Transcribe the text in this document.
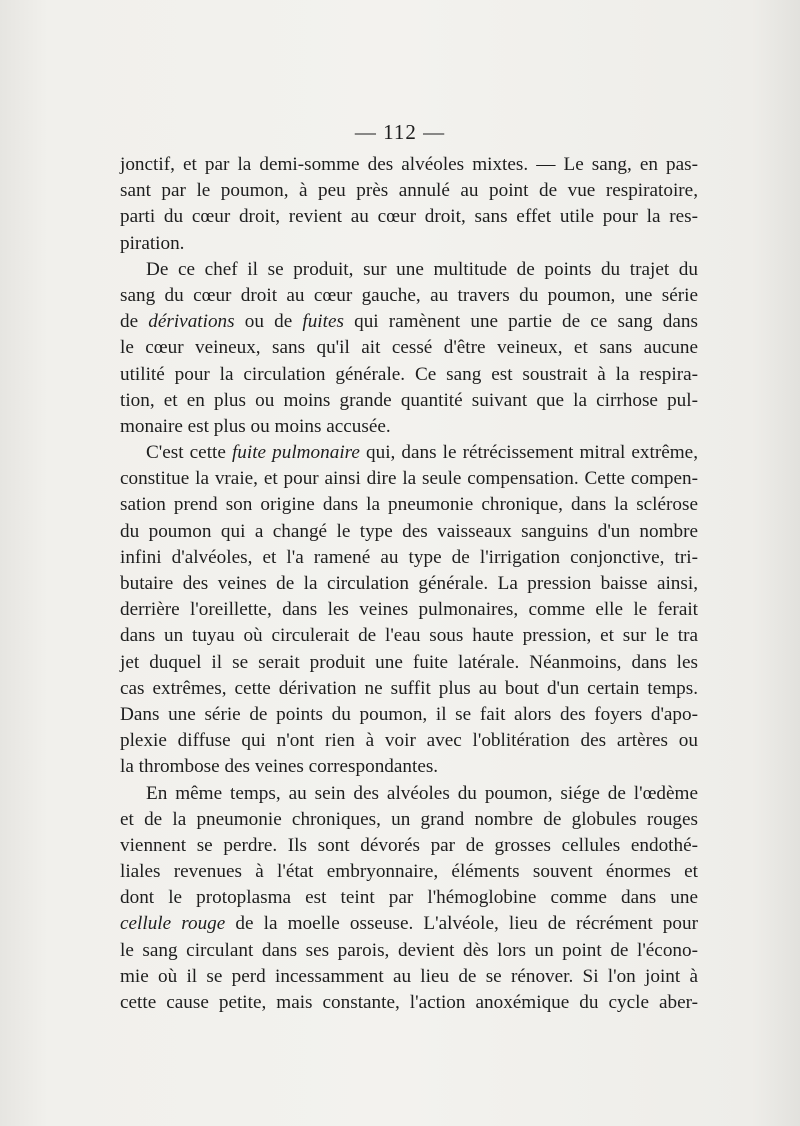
— 112 —
jonctif, et par la demi-somme des alvéoles mixtes. — Le sang, en pas-
sant par le poumon, à peu près annulé au point de vue respiratoire,
parti du cœur droit, revient au cœur droit, sans effet utile pour la res-
piration.
De ce chef il se produit, sur une multitude de points du trajet du
sang du cœur droit au cœur gauche, au travers du poumon, une série
de dérivations ou de fuites qui ramènent une partie de ce sang dans
le cœur veineux, sans qu'il ait cessé d'être veineux, et sans aucune
utilité pour la circulation générale. Ce sang est soustrait à la respira-
tion, et en plus ou moins grande quantité suivant que la cirrhose pul-
monaire est plus ou moins accusée.
C'est cette fuite pulmonaire qui, dans le rétrécissement mitral extrême,
constitue la vraie, et pour ainsi dire la seule compensation. Cette compen-
sation prend son origine dans la pneumonie chronique, dans la sclérose
du poumon qui a changé le type des vaisseaux sanguins d'un nombre
infini d'alvéoles, et l'a ramené au type de l'irrigation conjonctive, tri-
butaire des veines de la circulation générale. La pression baisse ainsi,
derrière l'oreillette, dans les veines pulmonaires, comme elle le ferait
dans un tuyau où circulerait de l'eau sous haute pression, et sur le tra
jet duquel il se serait produit une fuite latérale. Néanmoins, dans les
cas extrêmes, cette dérivation ne suffit plus au bout d'un certain temps.
Dans une série de points du poumon, il se fait alors des foyers d'apo-
plexie diffuse qui n'ont rien à voir avec l'oblitération des artères ou
la thrombose des veines correspondantes.
En même temps, au sein des alvéoles du poumon, siége de l'œdème
et de la pneumonie chroniques, un grand nombre de globules rouges
viennent se perdre. Ils sont dévorés par de grosses cellules endothé-
liales revenues à l'état embryonnaire, éléments souvent énormes et
dont le protoplasma est teint par l'hémoglobine comme dans une
cellule rouge de la moelle osseuse. L'alvéole, lieu de récrément pour
le sang circulant dans ses parois, devient dès lors un point de l'écono-
mie où il se perd incessamment au lieu de se rénover. Si l'on joint à
cette cause petite, mais constante, l'action anoxémique du cycle aber-
